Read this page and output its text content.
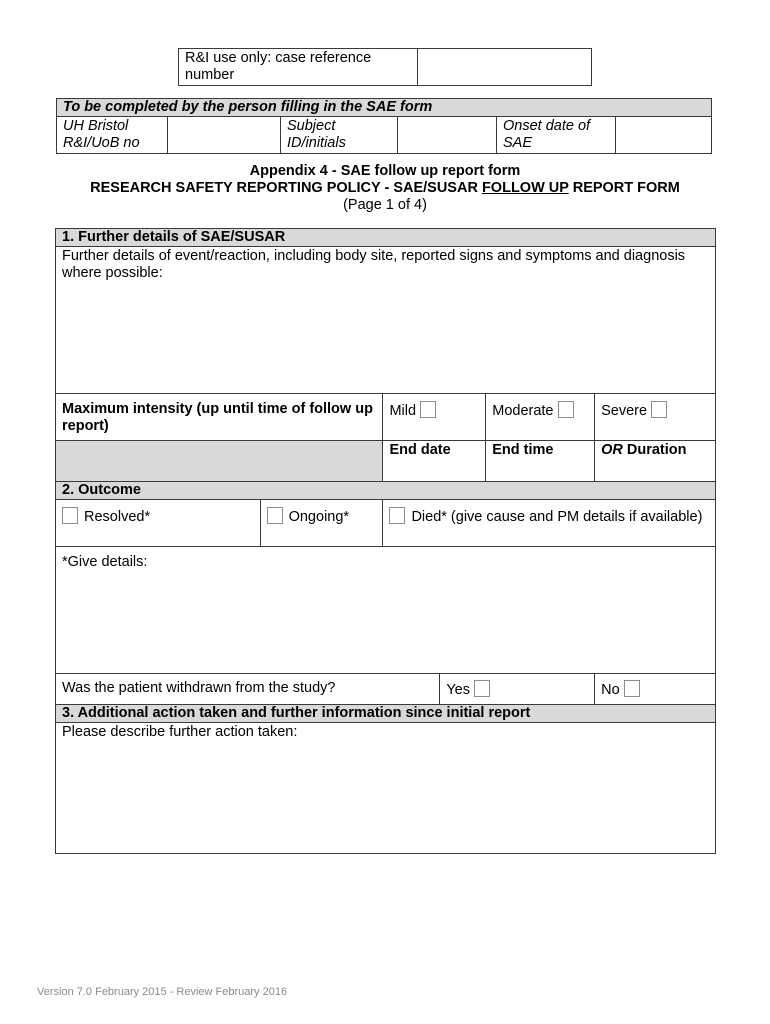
R&I use only: case reference number	
To be completed by the person filling in the SAE form
UH Bristol R&I/UoB no		Subject ID/initials		Onset date of SAE	
Appendix 4 - SAE follow up report form
RESEARCH SAFETY REPORTING POLICY - SAE/SUSAR FOLLOW UP REPORT FORM
(Page 1 of 4)
1. Further details of SAE/SUSAR					
Further details of event/reaction, including body site, reported signs and symptoms and diagnosis where possible:					
Maximum intensity (up until time of follow up report)		Mild		Moderate	Severe
		End date		End time	OR Duration
2. Outcome					
Resolved*	Ongoing*	Died* (give cause and PM details if available)			
*Give details:					
Was the patient withdrawn from the study?			Yes		No
3. Additional action taken and further information since initial report					
Please describe further action taken:					
Version 7.0 February 2015 - Review February 2016
